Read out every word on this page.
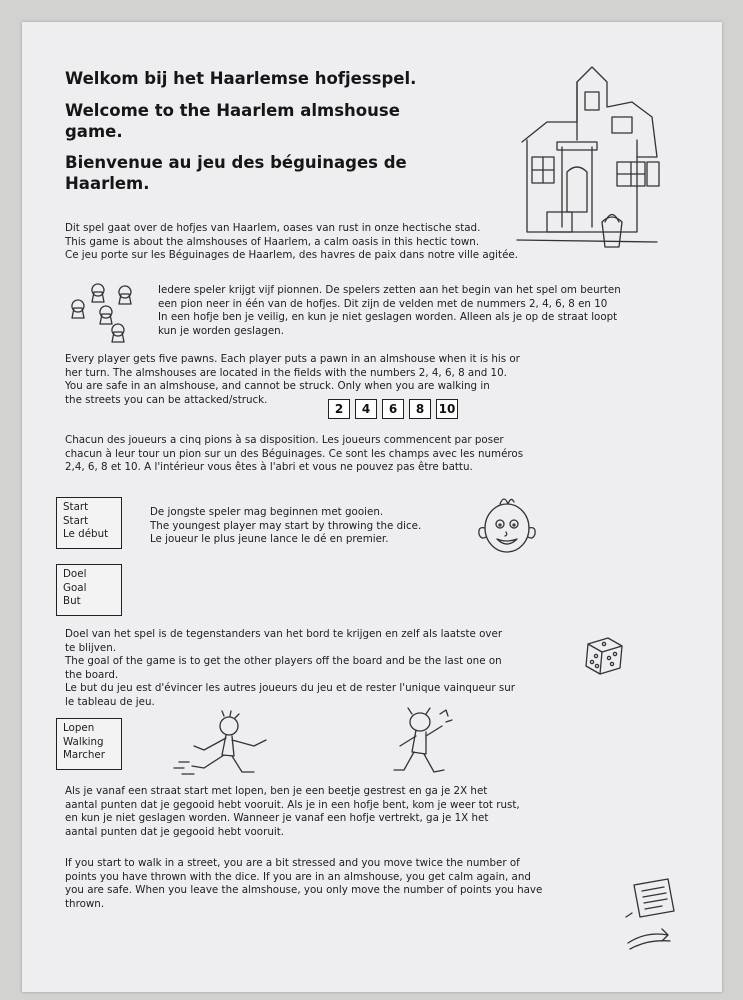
Welkom bij het Haarlemse hofjesspel.
Welcome to the Haarlem almshouse
game.
Bienvenue au jeu des béguinages de
Haarlem.
Dit spel gaat over de hofjes van Haarlem, oases van rust in onze hectische stad.
This game is about the almshouses of Haarlem, a calm oasis in this hectic town.
Ce jeu porte sur les Béguinages de Haarlem, des havres de paix dans notre ville agitée.
Iedere speler krijgt vijf pionnen. De spelers zetten aan het begin van het spel om beurten
een pion neer in één van de hofjes. Dit zijn de velden met de nummers 2, 4, 6, 8 en 10
In een hofje ben je veilig, en kun je niet geslagen worden. Alleen als je op de straat loopt
kun je worden geslagen.
Every player gets five pawns. Each player puts a pawn in an almshouse when it is his or
her turn. The almshouses are located in the fields with the numbers 2, 4, 6, 8 and 10.
You are safe in an almshouse, and cannot be struck. Only when you are walking in
the streets you can be attacked/struck.
2	4	6	8	10
Chacun des joueurs a cinq pions à sa disposition. Les joueurs commencent par poser
chacun à leur tour un pion sur un des Béguinages. Ce sont les champs avec les numéros
2,4, 6, 8 et 10. A l'intérieur vous êtes à l'abri et vous ne pouvez pas être battu.
Start
Start
Le début
De jongste speler mag beginnen met gooien.
The youngest player may start by throwing the dice.
Le joueur le plus jeune lance le dé en premier.
Doel
Goal
But
Doel van het spel is de tegenstanders van het bord te krijgen en zelf als laatste over
te blijven.
The goal of the game is to get the other players off the board and be the last one on
the board.
Le but du jeu est d'évincer les autres joueurs du jeu et de rester l'unique vainqueur sur
le tableau de jeu.
Lopen
Walking
Marcher
Als je vanaf een straat start met lopen, ben je een beetje gestrest en ga je 2X het
aantal punten dat je gegooid hebt vooruit. Als je in een hofje bent, kom je weer tot rust,
en kun je niet geslagen worden. Wanneer je vanaf een hofje vertrekt, ga je 1X het
aantal punten dat je gegooid hebt vooruit.
If you start to walk in a street, you are a bit stressed and you move twice the number of
points you have thrown with the dice. If you are in an almshouse, you get calm again, and
you are safe. When you leave the almshouse, you only move the number of points you have
thrown.
